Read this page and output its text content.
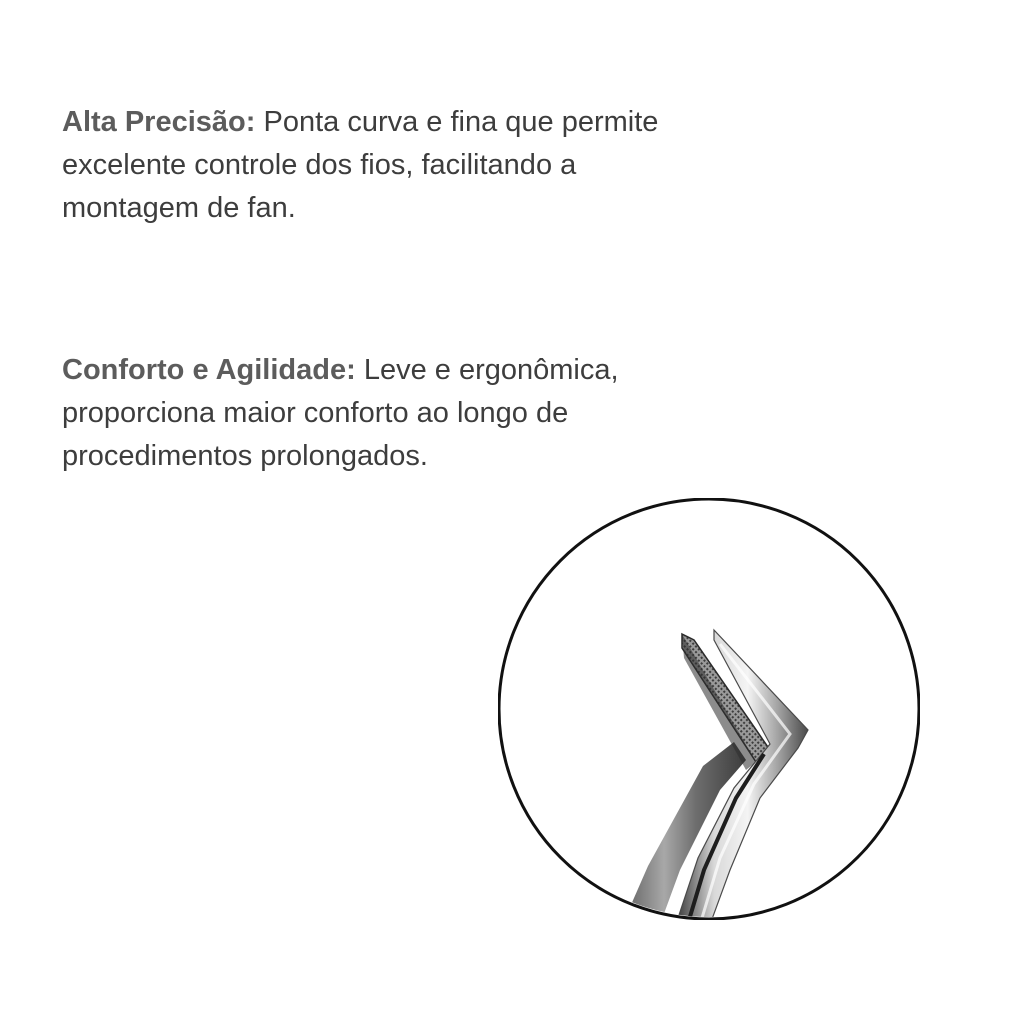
Alta Precisão: Ponta curva e fina que permite excelente controle dos fios, facilitando a montagem de fan.
Conforto e Agilidade: Leve e ergonômica, proporciona maior conforto ao longo de procedimentos prolongados.
